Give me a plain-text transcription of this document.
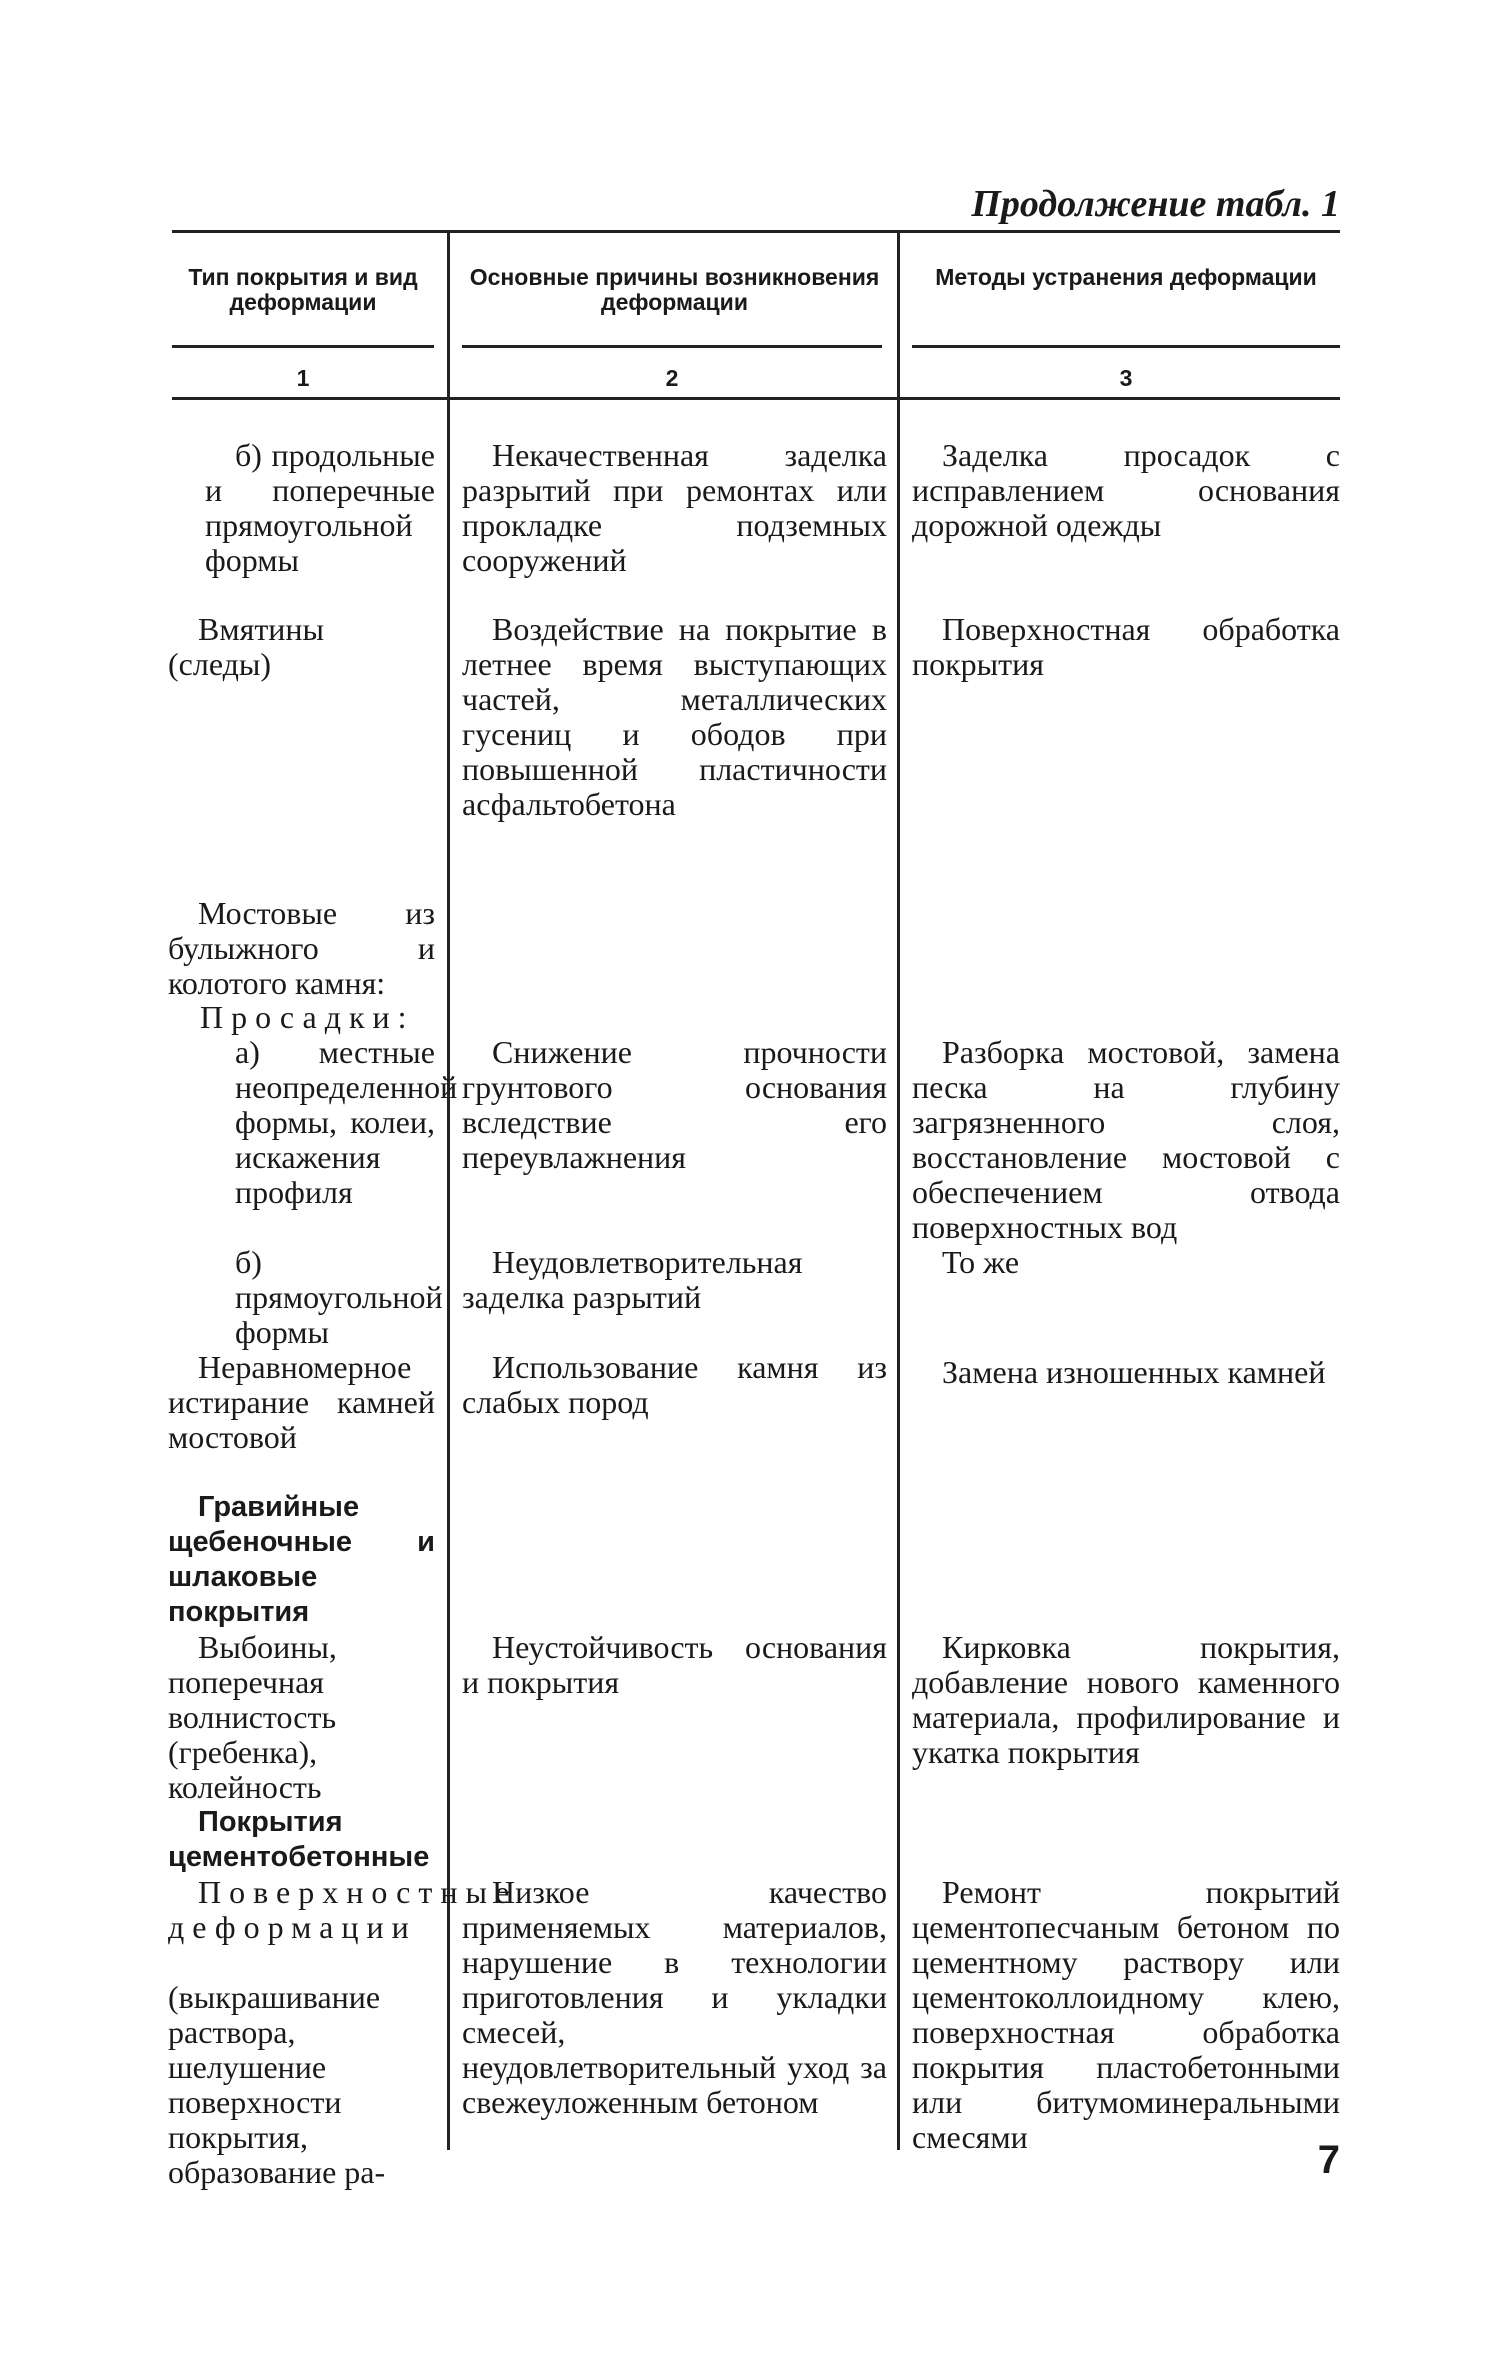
Продолжение табл. 1
Тип покрытия и вид деформации
Основные причины возникновения деформации
Методы устранения деформации
1	2	3
б) продольные и поперечные прямоугольной формы
Некачественная заделка разрытий при ремонтах или прокладке подземных сооружений
Заделка просадок с исправлением основания дорожной одежды
Вмятины (следы)
Воздействие на покрытие в летнее время выступающих частей, металлических гусениц и ободов при повышенной пластичности асфальтобетона
Поверхностная обработка покрытия
Мостовые из булыжного и колотого камня:
Просадки:
а) местные неопределенной формы, колеи, искажения профиля
Снижение прочности грунтового основания вследствие его переувлажнения
Разборка мостовой, замена песка на глубину загрязненного слоя, восстановление мостовой с обеспечением отвода поверхностных вод
б) прямоугольной формы
Неудовлетворительная заделка разрытий
То же
Неравномерное истирание камней мостовой
Использование камня из слабых пород
Замена изношенных камней
Гравийные щебеночные и шлаковые покрытия
Выбоины, поперечная волнистость (гребенка), колейность
Неустойчивость основания и покрытия
Кирковка покрытия, добавление нового каменного материала, профилирование и укатка покрытия
Покрытия цементобетонные
Поверхностные деформации
(выкрашивание раствора, шелушение поверхности покрытия, образование ра-
Низкое качество применяемых материалов, нарушение в технологии приготовления и укладки смесей, неудовлетворительный уход за свежеуложенным бетоном
Ремонт покрытий цементопесчаным бетоном по цементному раствору или цементоколлоидному клею, поверхностная обработка покрытия пластобетонными или битумоминеральными смесями
7
